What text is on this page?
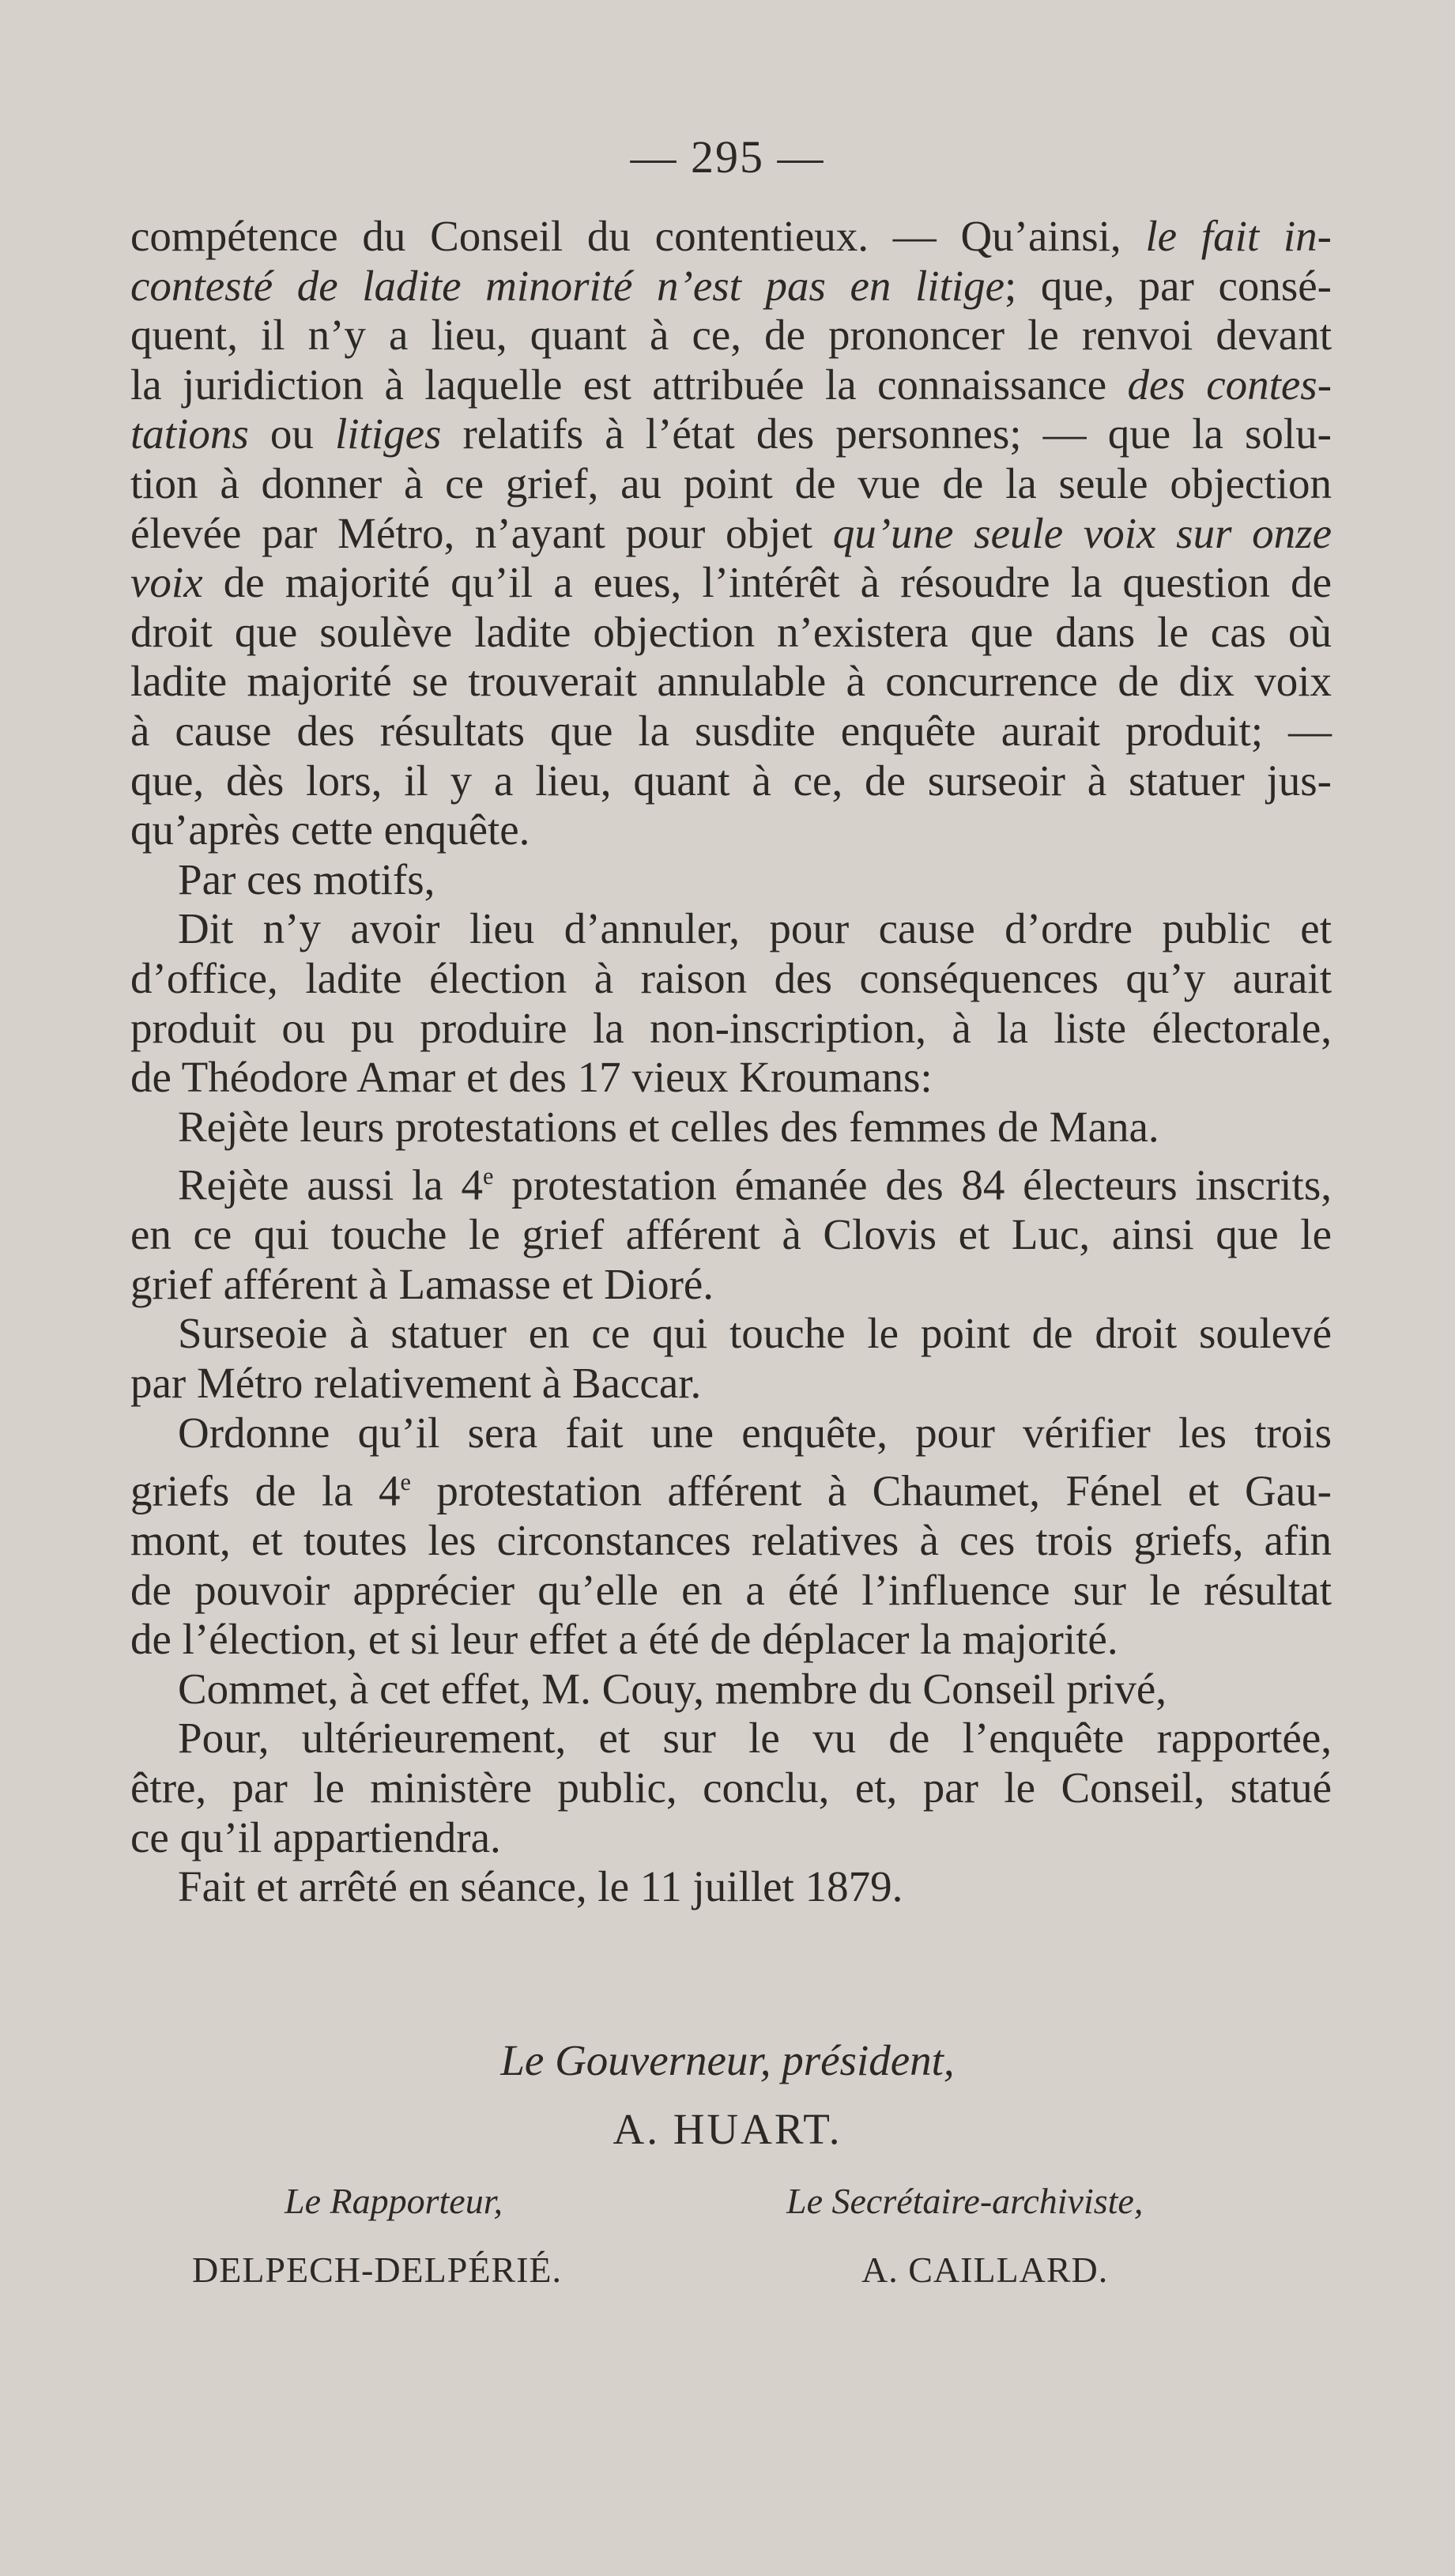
— 295 —
compétence du Conseil du contentieux. — Qu’ainsi, le fait in-
contesté de ladite minorité n’est pas en litige; que, par consé-
quent, il n’y a lieu, quant à ce, de prononcer le renvoi devant
la juridiction à laquelle est attribuée la connaissance des contes-
tations ou litiges relatifs à l’état des personnes; — que la solu-
tion à donner à ce grief, au point de vue de la seule objection
élevée par Métro, n’ayant pour objet qu’une seule voix sur onze
voix de majorité qu’il a eues, l’intérêt à résoudre la question de
droit que soulève ladite objection n’existera que dans le cas où
ladite majorité se trouverait annulable à concurrence de dix voix
à cause des résultats que la susdite enquête aurait produit; —
que, dès lors, il y a lieu, quant à ce, de surseoir à statuer jus-
qu’après cette enquête.
Par ces motifs,
Dit n’y avoir lieu d’annuler, pour cause d’ordre public et
d’office, ladite élection à raison des conséquences qu’y aurait
produit ou pu produire la non-inscription, à la liste électorale,
de Théodore Amar et des 17 vieux Kroumans:
Rejète leurs protestations et celles des femmes de Mana.
Rejète aussi la 4e protestation émanée des 84 électeurs inscrits,
en ce qui touche le grief afférent à Clovis et Luc, ainsi que le
grief afférent à Lamasse et Dioré.
Surseoie à statuer en ce qui touche le point de droit soulevé
par Métro relativement à Baccar.
Ordonne qu’il sera fait une enquête, pour vérifier les trois
griefs de la 4e protestation afférent à Chaumet, Fénel et Gau-
mont, et toutes les circonstances relatives à ces trois griefs, afin
de pouvoir apprécier qu’elle en a été l’influence sur le résultat
de l’élection, et si leur effet a été de déplacer la majorité.
Commet, à cet effet, M. Couy, membre du Conseil privé,
Pour, ultérieurement, et sur le vu de l’enquête rapportée,
être, par le ministère public, conclu, et, par le Conseil, statué
ce qu’il appartiendra.
Fait et arrêté en séance, le 11 juillet 1879.
Le Gouverneur, président,
A. HUART.
Le Rapporteur,
DELPECH-DELPÉRIÉ.
Le Secrétaire-archiviste,
A. CAILLARD.
